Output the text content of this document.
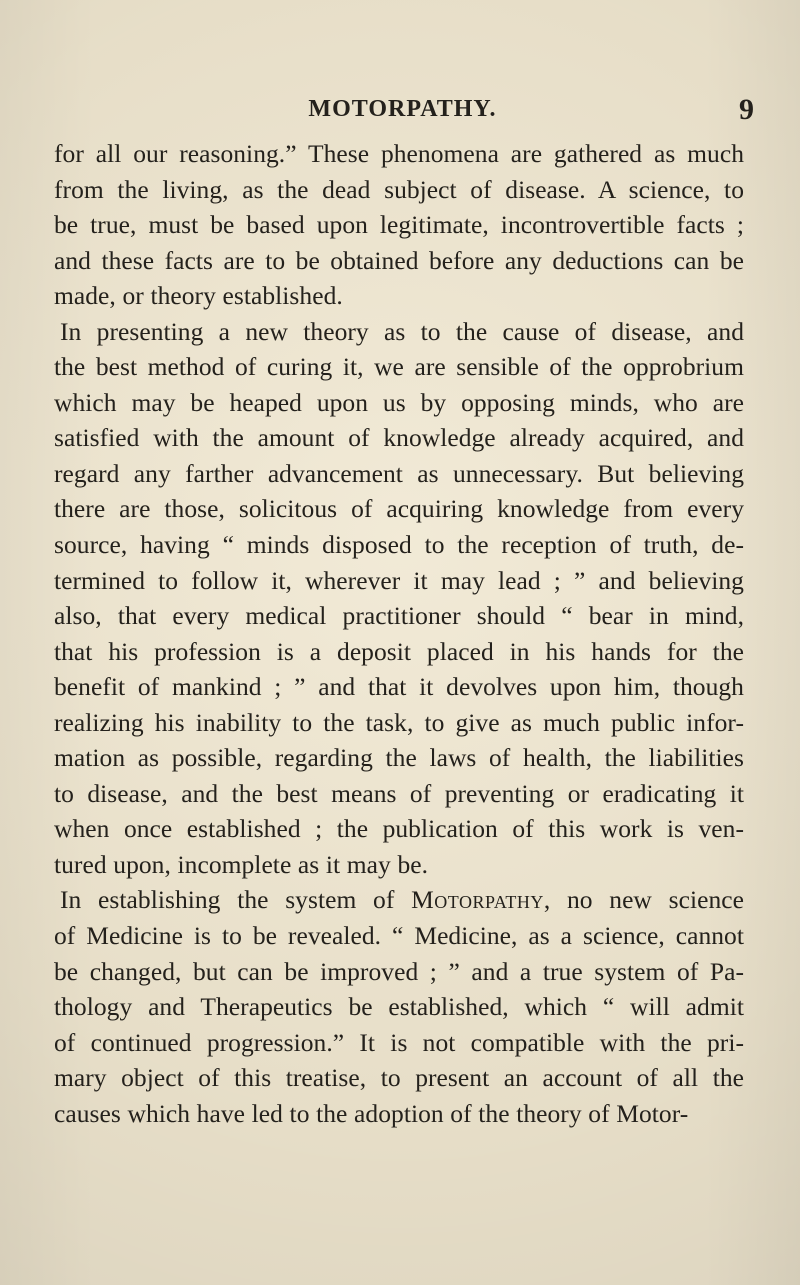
MOTORPATHY.	9
for all our reasoning.” These phenomena are gathered as much
from the living, as the dead subject of disease. A science, to
be true, must be based upon legitimate, incontrovertible facts ;
and these facts are to be obtained before any deductions can be
made, or theory established.
In presenting a new theory as to the cause of disease, and
the best method of curing it, we are sensible of the opprobrium
which may be heaped upon us by opposing minds, who are
satisfied with the amount of knowledge already acquired, and
regard any farther advancement as unnecessary. But believing
there are those, solicitous of acquiring knowledge from every
source, having “ minds disposed to the reception of truth, de-
termined to follow it, wherever it may lead ; ” and believing
also, that every medical practitioner should “ bear in mind,
that his profession is a deposit placed in his hands for the
benefit of mankind ; ” and that it devolves upon him, though
realizing his inability to the task, to give as much public infor-
mation as possible, regarding the laws of health, the liabilities
to disease, and the best means of preventing or eradicating it
when once established ; the publication of this work is ven-
tured upon, incomplete as it may be.
In establishing the system of Motorpathy, no new science
of Medicine is to be revealed. “ Medicine, as a science, cannot
be changed, but can be improved ; ” and a true system of Pa-
thology and Therapeutics be established, which “ will admit
of continued progression.” It is not compatible with the pri-
mary object of this treatise, to present an account of all the
causes which have led to the adoption of the theory of Motor-
